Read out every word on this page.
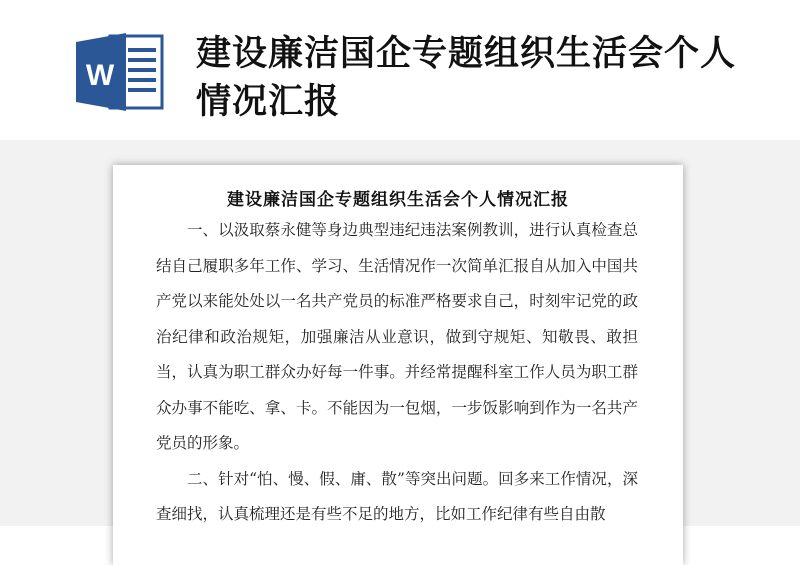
W
建设廉洁国企专题组织生活会个人情况汇报
建设廉洁国企专题组织生活会个人情况汇报

一、以汲取蔡永健等身边典型违纪违法案例教训，进行认真检查总结自己履职多年工作、学习、生活情况作一次简单汇报自从加入中国共产党以来能处处以一名共产党员的标准严格要求自己，时刻牢记党的政治纪律和政治规矩，加强廉洁从业意识，做到守规矩、知敬畏、敢担当，认真为职工群众办好每一件事。并经常提醒科室工作人员为职工群众办事不能吃、拿、卡。不能因为一包烟，一步饭影响到作为一名共产党员的形象。

二、针对“怕、慢、假、庸、散”等突出问题。回多来工作情况，深查细找，认真梳理还是有些不足的地方，比如工作纪律有些自由散
